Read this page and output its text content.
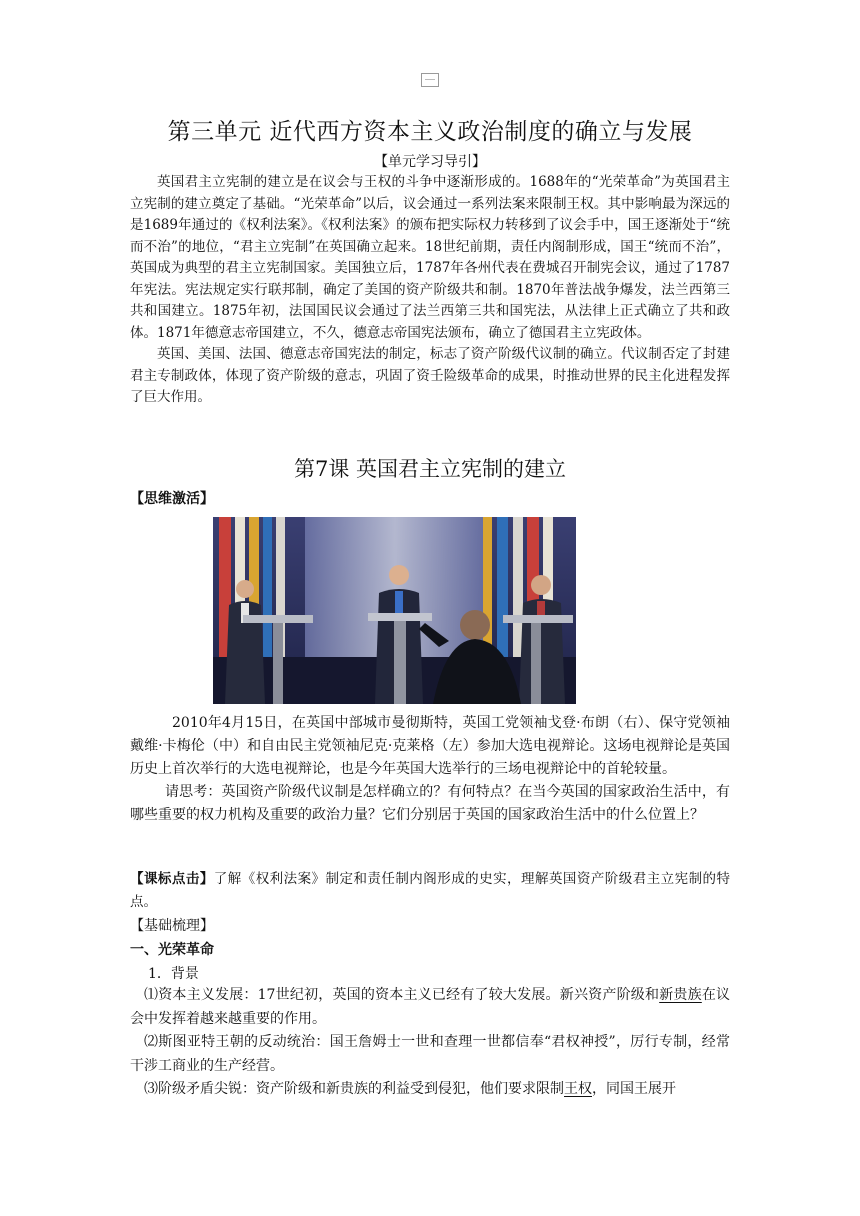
第三单元 近代西方资本主义政治制度的确立与发展
【单元学习导引】

英国君主立宪制的建立是在议会与王权的斗争中逐渐形成的。1688年的“光荣革命”为英国君主立宪制的建立奠定了基础。“光荣革命”以后，议会通过一系列法案来限制王权。其中影响最为深远的是1689年通过的《权利法案》。《权利法案》的颁布把实际权力转移到了议会手中，国王逐渐处于“统而不治”的地位，“君主立宪制”在英国确立起来。18世纪前期，责任内阁制形成，国王“统而不治”，英国成为典型的君主立宪制国家。美国独立后，1787年各州代表在费城召开制宪会议，通过了1787年宪法。宪法规定实行联邦制，确定了美国的资产阶级共和制。1870年普法战争爆发，法兰西第三共和国建立。1875年初，法国国民议会通过了法兰西第三共和国宪法，从法律上正式确立了共和政体。1871年德意志帝国建立，不久，德意志帝国宪法颁布，确立了德国君主立宪政体。

英国、美国、法国、德意志帝国宪法的制定，标志了资产阶级代议制的确立。代议制否定了封建君主专制政体，体现了资产阶级的意志，巩固了资壬险级革命的成果，时推动世界的民主化进程发挥了巨大作用。

第7课 英国君主立宪制的建立
【思维激活】

2010年4月15日，在英国中部城市曼彻斯特，英国工党领袖戈登·布朗（右）、保守党领袖戴维·卡梅伦（中）和自由民主党领袖尼克·克莱格（左）参加大选电视辩论。这场电视辩论是英国历史上首次举行的大选电视辩论，也是今年英国大选举行的三场电视辩论中的首轮较量。

请思考：英国资产阶级代议制是怎样确立的？有何特点？在当今英国的国家政治生活中，有哪些重要的权力机构及重要的政治力量？它们分别居于英国的国家政治生活中的什么位置上？

【课标点击】了解《权利法案》制定和责任制内阁形成的史实，理解英国资产阶级君主立宪制的特点。
【基础梳理】
一、光荣革命
1．背景

⑴资本主义发展：17世纪初，英国的资本主义已经有了较大发展。新兴资产阶级和新贵族在议会中发挥着越来越重要的作用。

⑵斯图亚特王朝的反动统治：国王詹姆士一世和查理一世都信奉“君权神授”，厉行专制，经常干涉工商业的生产经营。

⑶阶级矛盾尖锐：资产阶级和新贵族的利益受到侵犯，他们要求限制王权，同国王展开
